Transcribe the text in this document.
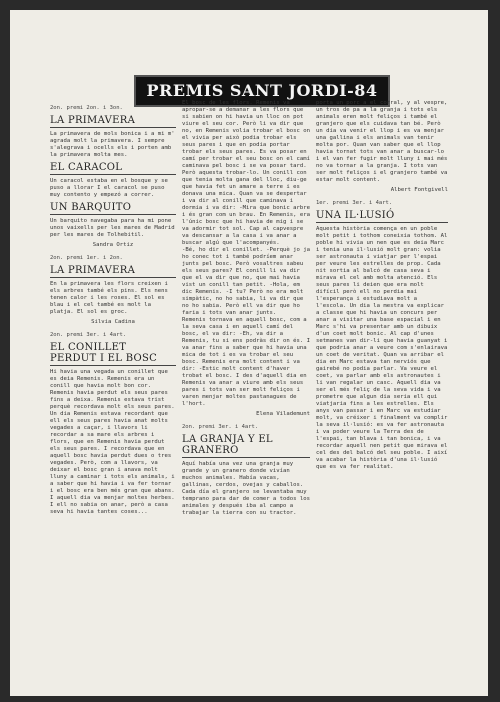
PREMIS SANT JORDI-84
2on. premi 2on. i 3on.
LA PRIMAVERA

La primavera de mols bonica i a mi m' agrada molt la primavera. I sempre s'alegrava i ocells els i porten amb la primavera molta mes.

EL CARACOL

Un caracol estaba en el bosque y se puso a llorar I el caracol se puso muy contento y empezó a correr.

UN BARQUITO

Un barquito navegaba para ha mi pone unos vaixells per les mares de Madrid per les mares de Tolhebitil.

Sandra Ortiz
2on. premi 1er. i 2on.
LA PRIMAVERA

En la primavera les flors creixen i els arbres també els pins. Els nens tenen calor i les roses. El sol es blau i el cel també es molt la platja. El sol es groc.

Silvia Cadina
2on. premi 3er. i 4art.
EL CONILLET PERDUT I EL BOSC

Hi havia una vegada un conillet que es deia Remenis. Remenis era un conill que havia molt bon cor. Remenis havia perdut els seus pares fins a deixa. Remenis estava trist perquè recordava molt els seus pares. Un dia Remenis estava recordant que ell els seus pares havia anat molts vegades a caçar, i llavors li recordar a sa mare els arbres i flors, que en Remenis havia perdut els seus pares. I recordava que en aquell bosc havia perdut dues o tres vegades. Però, com a llavors, va deixar el bosc gran i anava molt lluny a caminar i tots els animals, i a saber que hi havia i va fer tornar i el bosc era ben més gran que abans. I aquell dia va menjar moltes herbes. I ell no sabia on anar, però a casa seva hi havia tantes coses...

El bosc de les flors. Remenis va apropar-se a demanar a les flors que si sabien on hi havia un lloc on pot viure el seu cor. Però li va dir que no, en Remenis volia trobar el bosc on el vivia per això podia trobar els seus pares i que en podia portar trobar els seus pares. Es va posar en camí per trobar el seu bosc on el camí caminava pel bosc i se va posar tard. Però aquesta trobar-lo. Un conill con que tenia molta gana del lloc, diu-ge que havia fet un amare a terre i es donava una mica. Quan va se despertar i va dir al conill que caminava i dormia i va dir: -Mira que bonic arbre i és gran com un brau. En Remenis, era l'únic bosc que hi havia de mig i se va adormir tot sol. Cap al capvespre va descansar a la casa i va anar a buscar algú que l'acompanyés.

-Bé, ho dir el conillet. -Perquè jo ja ho conec tot i també podríem anar junts pel bosc. Però vosaltres sabeu els seus pares? El conill li va dir que el va dir que no, que mai havia vist un conill tan petit. -Hola, em dic Remenis. -I tu? Però no era molt simpàtic, no ho sabia, li va dir que no ho sabia. Però ell va dir que ho faria i tots van anar junts.

Remenis tornava en aquell bosc, com a la seva casa i en aquell camí del bosc, el va dir: -Eh, va dir a Remenis, tu si ens podràs dir on és. I va anar fins a saber que hi havia una mica de tot i es va trobar el seu bosc. Remenis era molt content i va dir: -Estic molt content d'haver trobat el bosc. I des d'aquell dia en Remenis va anar a viure amb els seus pares i tots van ser molt feliços i varen menjar moltes pastanagues de l'hort.

Elena Vilademunt
2on. premi 3er. i 4art.
LA GRANJA Y EL GRANERO

Aquí había una vez una granja muy grande y un granero donde vivían muchos animales. Había vacas, gallinas, cerdos, ovejas y caballos. Cada día el granjero se levantaba muy temprano para dar de comer a todos los animales y después iba al campo a trabajar la tierra con su tractor.

porta un porc a el corral, y al vespre, un tros de pa a la granja i tots els animals eren molt feliços i també el granjero que els cuidava tan bé. Però un dia va venir el llop i es va menjar una gallina i els animals van tenir molta por. Quan van saber que el llop havia tornat tots van anar a buscar-lo i el van fer fugir molt lluny i mai més no va tornar a la granja. I tots van ser molt feliços i el granjero també va estar molt content.

Albert Fontgivell
1er. premi 3er. i 4art.
UNA IL·LUSIÓ

Aquesta història comença en un poble molt petit i tothom coneixia tothom. Al poble hi vivia un nen que es deia Marc i tenia una il·lusió molt gran: volia ser astronauta i viatjar per l'espai per veure les estrelles de prop. Cada nit sortia al balcó de casa seva i mirava el cel amb molta atenció. Els seus pares li deien que era molt difícil però ell no perdia mai l'esperança i estudiava molt a l'escola. Un dia la mestra va explicar a classe que hi havia un concurs per anar a visitar una base espacial i en Marc s'hi va presentar amb un dibuix d'un coet molt bonic. Al cap d'unes setmanes van dir-li que havia guanyat i que podria anar a veure com s'enlairava un coet de veritat. Quan va arribar el dia en Marc estava tan nerviós que gairebé no podia parlar. Va veure el coet, va parlar amb els astronautes i li van regalar un casc. Aquell dia va ser el més feliç de la seva vida i va prometre que algun dia seria ell qui viatjaria fins a les estrelles. Els anys van passar i en Marc va estudiar molt, va créixer i finalment va complir la seva il·lusió: es va fer astronauta i va poder veure la Terra des de l'espai, tan blava i tan bonica, i va recordar aquell nen petit que mirava el cel des del balcó del seu poble. I així va acabar la història d'una il·lusió que es va fer realitat.
